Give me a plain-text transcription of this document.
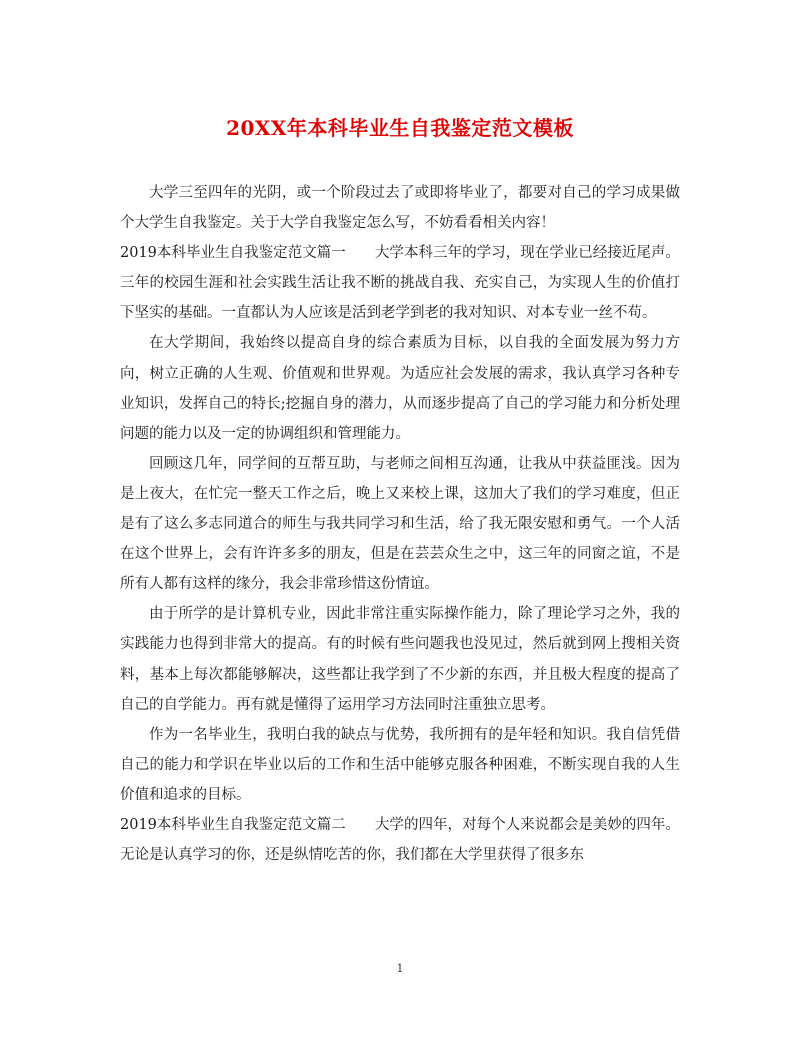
20XX年本科毕业生自我鉴定范文模板

大学三至四年的光阴，或一个阶段过去了或即将毕业了，都要对自己的学习成果做个大学生自我鉴定。关于大学自我鉴定怎么写，不妨看看相关内容！

2019本科毕业生自我鉴定范文篇一　　大学本科三年的学习，现在学业已经接近尾声。三年的校园生涯和社会实践生活让我不断的挑战自我、充实自己，为实现人生的价值打下坚实的基础。一直都认为人应该是活到老学到老的我对知识、对本专业一丝不苟。

在大学期间，我始终以提高自身的综合素质为目标，以自我的全面发展为努力方向，树立正确的人生观、价值观和世界观。为适应社会发展的需求，我认真学习各种专业知识，发挥自己的特长;挖掘自身的潜力，从而逐步提高了自己的学习能力和分析处理问题的能力以及一定的协调组织和管理能力。

回顾这几年，同学间的互帮互助，与老师之间相互沟通，让我从中获益匪浅。因为是上夜大，在忙完一整天工作之后，晚上又来校上课，这加大了我们的学习难度，但正是有了这么多志同道合的师生与我共同学习和生活，给了我无限安慰和勇气。一个人活在这个世界上，会有许许多多的朋友，但是在芸芸众生之中，这三年的同窗之谊，不是所有人都有这样的缘分，我会非常珍惜这份情谊。

由于所学的是计算机专业，因此非常注重实际操作能力，除了理论学习之外，我的实践能力也得到非常大的提高。有的时候有些问题我也没见过，然后就到网上搜相关资料，基本上每次都能够解决，这些都让我学到了不少新的东西，并且极大程度的提高了自己的自学能力。再有就是懂得了运用学习方法同时注重独立思考。

作为一名毕业生，我明白我的缺点与优势，我所拥有的是年轻和知识。我自信凭借自己的能力和学识在毕业以后的工作和生活中能够克服各种困难，不断实现自我的人生价值和追求的目标。

2019本科毕业生自我鉴定范文篇二　　大学的四年，对每个人来说都会是美妙的四年。无论是认真学习的你，还是纵情吃苦的你，我们都在大学里获得了很多东

1
